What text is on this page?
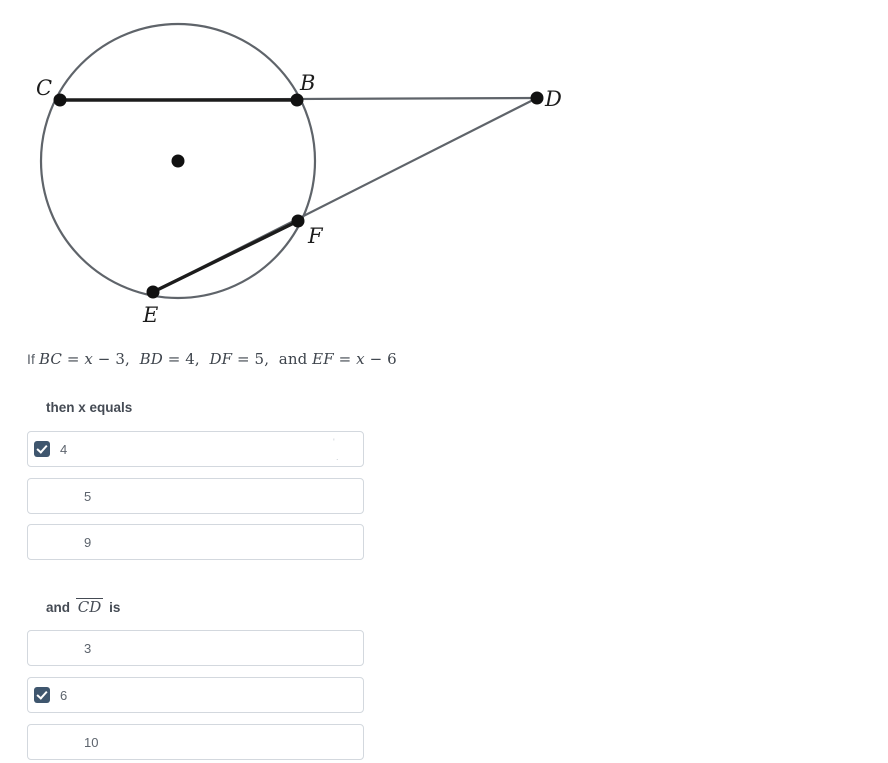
C	B
D
F
E
If BC = x − 3,  BD = 4,  DF = 5,  and EF = x − 6
then x equals
4	'
.
5
9
and CD is
3
6
10
